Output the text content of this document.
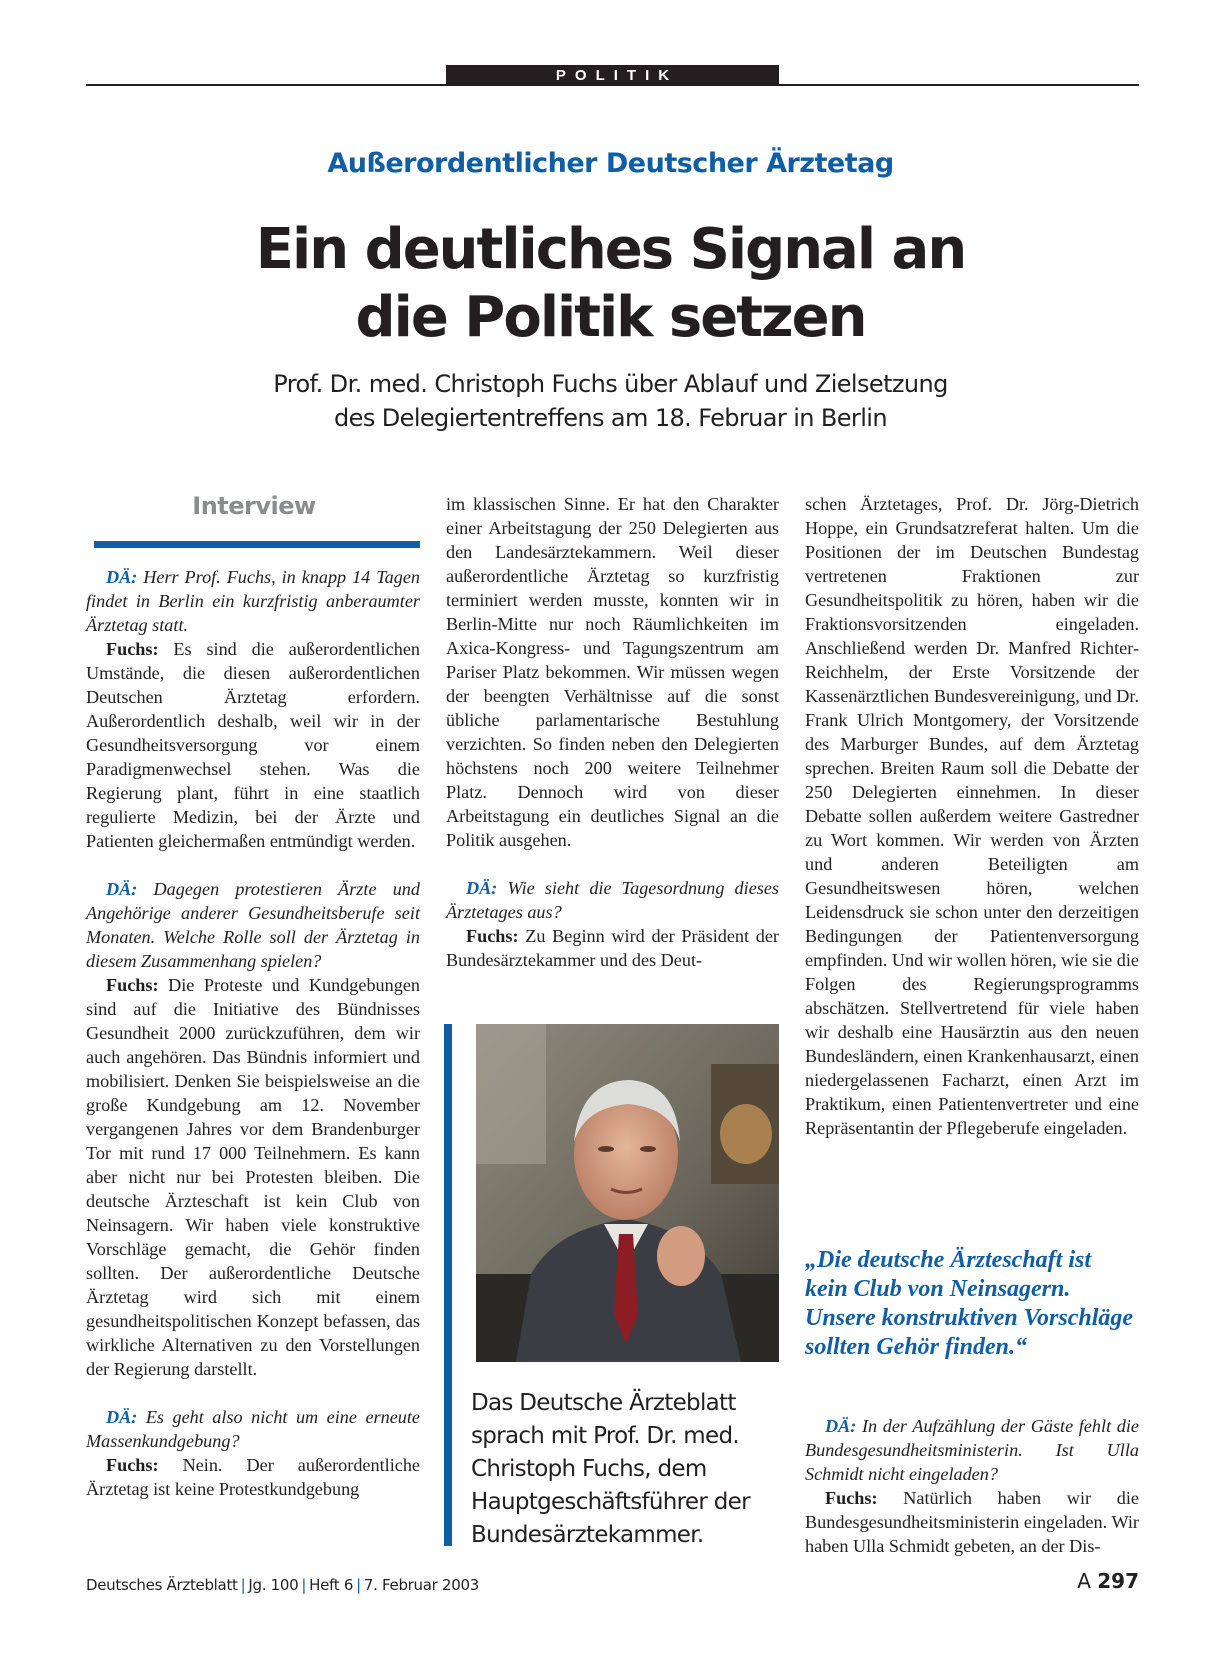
POLITIK
Außerordentlicher Deutscher Ärztetag
Ein deutliches Signal an
die Politik setzen
Prof. Dr. med. Christoph Fuchs über Ablauf und Zielsetzung
des Delegiertentreffens am 18. Februar in Berlin
Interview

DÄ: Herr Prof. Fuchs, in knapp 14 Tagen findet in Berlin ein kurzfristig anberaumter Ärztetag statt.

Fuchs: Es sind die außerordentlichen Umstände, die diesen außerordentlichen Deutschen Ärztetag erfordern. Außerordentlich deshalb, weil wir in der Gesundheitsversorgung vor einem Paradigmenwechsel stehen. Was die Regierung plant, führt in eine staatlich regulierte Medizin, bei der Ärzte und Patienten gleichermaßen entmündigt werden.

DÄ: Dagegen protestieren Ärzte und Angehörige anderer Gesundheitsberufe seit Monaten. Welche Rolle soll der Ärztetag in diesem Zusammenhang spielen?

Fuchs: Die Proteste und Kundgebungen sind auf die Initiative des Bündnisses Gesundheit 2000 zurückzuführen, dem wir auch angehören. Das Bündnis informiert und mobilisiert. Denken Sie beispielsweise an die große Kundgebung am 12. November vergangenen Jahres vor dem Brandenburger Tor mit rund 17 000 Teilnehmern. Es kann aber nicht nur bei Protesten bleiben. Die deutsche Ärzteschaft ist kein Club von Neinsagern. Wir haben viele konstruktive Vorschläge gemacht, die Gehör finden sollten. Der außerordentliche Deutsche Ärztetag wird sich mit einem gesundheitspolitischen Konzept befassen, das wirkliche Alternativen zu den Vorstellungen der Regierung darstellt.

DÄ: Es geht also nicht um eine erneute Massenkundgebung?

Fuchs: Nein. Der außerordentliche Ärztetag ist keine Protestkundgebung

im klassischen Sinne. Er hat den Charakter einer Arbeitstagung der 250 Delegierten aus den Landesärztekammern. Weil dieser außerordentliche Ärztetag so kurzfristig terminiert werden musste, konnten wir in Berlin-Mitte nur noch Räumlichkeiten im Axica-Kongress- und Tagungszentrum am Pariser Platz bekommen. Wir müssen wegen der beengten Verhältnisse auf die sonst übliche parlamentarische Bestuhlung verzichten. So finden neben den Delegierten höchstens noch 200 weitere Teilnehmer Platz. Dennoch wird von dieser Arbeitstagung ein deutliches Signal an die Politik ausgehen.

DÄ: Wie sieht die Tagesordnung dieses Ärztetages aus?

Fuchs: Zu Beginn wird der Präsident der Bundesärztekammer und des Deut-

Das Deutsche Ärzteblatt sprach mit Prof. Dr. med. Christoph Fuchs, dem Hauptgeschäftsführer der Bundesärztekammer.

schen Ärztetages, Prof. Dr. Jörg-Dietrich Hoppe, ein Grundsatzreferat halten. Um die Positionen der im Deutschen Bundestag vertretenen Fraktionen zur Gesundheitspolitik zu hören, haben wir die Fraktionsvorsitzenden eingeladen. Anschließend werden Dr. Manfred Richter-Reichhelm, der Erste Vorsitzende der Kassenärztlichen Bundesvereinigung, und Dr. Frank Ulrich Montgomery, der Vorsitzende des Marburger Bundes, auf dem Ärztetag sprechen. Breiten Raum soll die Debatte der 250 Delegierten einnehmen. In dieser Debatte sollen außerdem weitere Gastredner zu Wort kommen. Wir werden von Ärzten und anderen Beteiligten am Gesundheitswesen hören, welchen Leidensdruck sie schon unter den derzeitigen Bedingungen der Patientenversorgung empfinden. Und wir wollen hören, wie sie die Folgen des Regierungsprogramms abschätzen. Stellvertretend für viele haben wir deshalb eine Hausärztin aus den neuen Bundesländern, einen Krankenhausarzt, einen niedergelassenen Facharzt, einen Arzt im Praktikum, einen Patientenvertreter und eine Repräsentantin der Pflegeberufe eingeladen.

„Die deutsche Ärzteschaft ist kein Club von Neinsagern. Unsere konstruktiven Vorschläge sollten Gehör finden.“

DÄ: In der Aufzählung der Gäste fehlt die Bundesgesundheitsministerin. Ist Ulla Schmidt nicht eingeladen?

Fuchs: Natürlich haben wir die Bundesgesundheitsministerin eingeladen. Wir haben Ulla Schmidt gebeten, an der Dis-

Deutsches Ärzteblatt | Jg. 100 | Heft 6 | 7. Februar 2003	A 297
